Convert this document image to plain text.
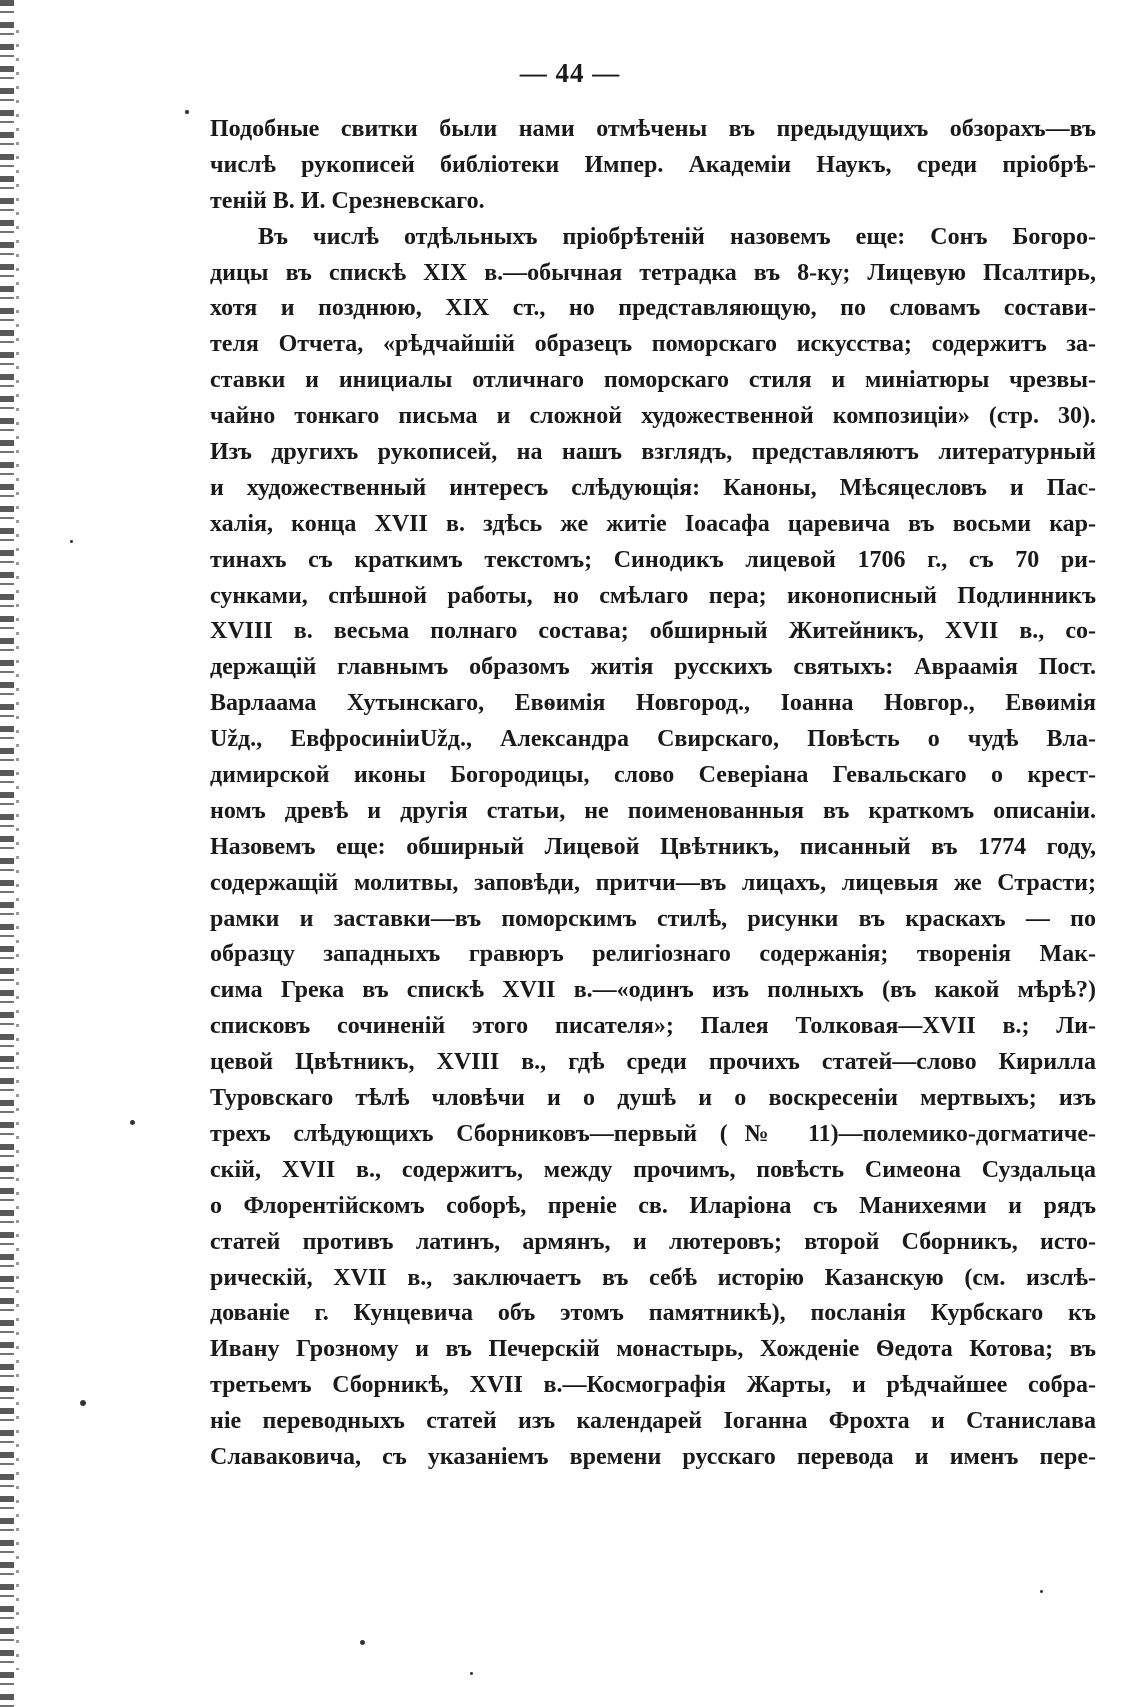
— 44 —
Подобные свитки были нами отмѣчены въ предыдущихъ обзорахъ—въ
числѣ рукописей библіотеки Импер. Академіи Наукъ, среди пріобрѣ-
теній В. И. Срезневскаго.
Въ числѣ отдѣльныхъ пріобрѣтеній назовемъ еще: Сонъ Богоро-
дицы въ спискѣ XIX в.—обычная тетрадка въ 8-ку; Лицевую Псалтирь,
хотя и позднюю, XIX ст., но представляющую, по словамъ состави-
теля Отчета, «рѣдчайшій образецъ поморскаго искусства; содержитъ за-
ставки и инициалы отличнаго поморскаго стиля и миніатюры чрезвы-
чайно тонкаго письма и сложной художественной композиціи» (стр. 30).
Изъ другихъ рукописей, на нашъ взглядъ, представляютъ литературный
и художественный интересъ слѣдующія: Каноны, Мѣсяцесловъ и Пас-
халія, конца XVII в. здѣсь же житіе Іоасафа царевича въ восьми кар-
тинахъ съ краткимъ текстомъ; Синодикъ лицевой 1706 г., съ 70 ри-
сунками, спѣшной работы, но смѣлаго пера; иконописный Подлинникъ
XVIII в. весьма полнаго состава; обширный Житейникъ, XVII в., со-
держащій главнымъ образомъ житія русскихъ святыхъ: Авраамія Пост.
Варлаама Хутынскаго, Евѳимія Новгород., Іоанна Новгор., Евѳимія
Užд., ЕвфросиніиUžд., Александра Свирскаго, Повѣсть о чудѣ Вла-
димирской иконы Богородицы, слово Северіана Гевальскаго о крест-
номъ древѣ и другія статьи, не поименованныя въ краткомъ описаніи.
Назовемъ еще: обширный Лицевой Цвѣтникъ, писанный въ 1774 году,
содержащій молитвы, заповѣди, притчи—въ лицахъ, лицевыя же Страсти;
рамки и заставки—въ поморскимъ стилѣ, рисунки въ краскахъ — по
образцу западныхъ гравюръ религіознаго содержанія; творенія Мак-
сима Грека въ спискѣ XVII в.—«одинъ изъ полныхъ (въ какой мѣрѣ?)
списковъ сочиненій этого писателя»; Палея Толковая—XVII в.; Ли-
цевой Цвѣтникъ, XVIII в., гдѣ среди прочихъ статей—слово Кирилла
Туровскаго тѣлѣ чловѣчи и о душѣ и о воскресеніи мертвыхъ; изъ
трехъ слѣдующихъ Сборниковъ—первый (№ 11)—полемико-догматиче-
скій, XVII в., содержитъ, между прочимъ, повѣсть Симеона Суздальца
о Флорентійскомъ соборѣ, преніе св. Иларіона съ Манихеями и рядъ
статей противъ латинъ, армянъ, и лютеровъ; второй Сборникъ, исто-
рическій, XVII в., заключаетъ въ себѣ исторію Казанскую (см. изслѣ-
дованіе г. Кунцевича объ этомъ памятникѣ), посланія Курбскаго къ
Ивану Грозному и въ Печерскій монастырь, Хожденіе Ѳедота Котова; въ
третьемъ Сборникѣ, XVII в.—Космографія Жарты, и рѣдчайшее собра-
ніе переводныхъ статей изъ календарей Іоганна Фрохта и Станислава
Славаковича, съ указаніемъ времени русскаго перевода и именъ пере-
